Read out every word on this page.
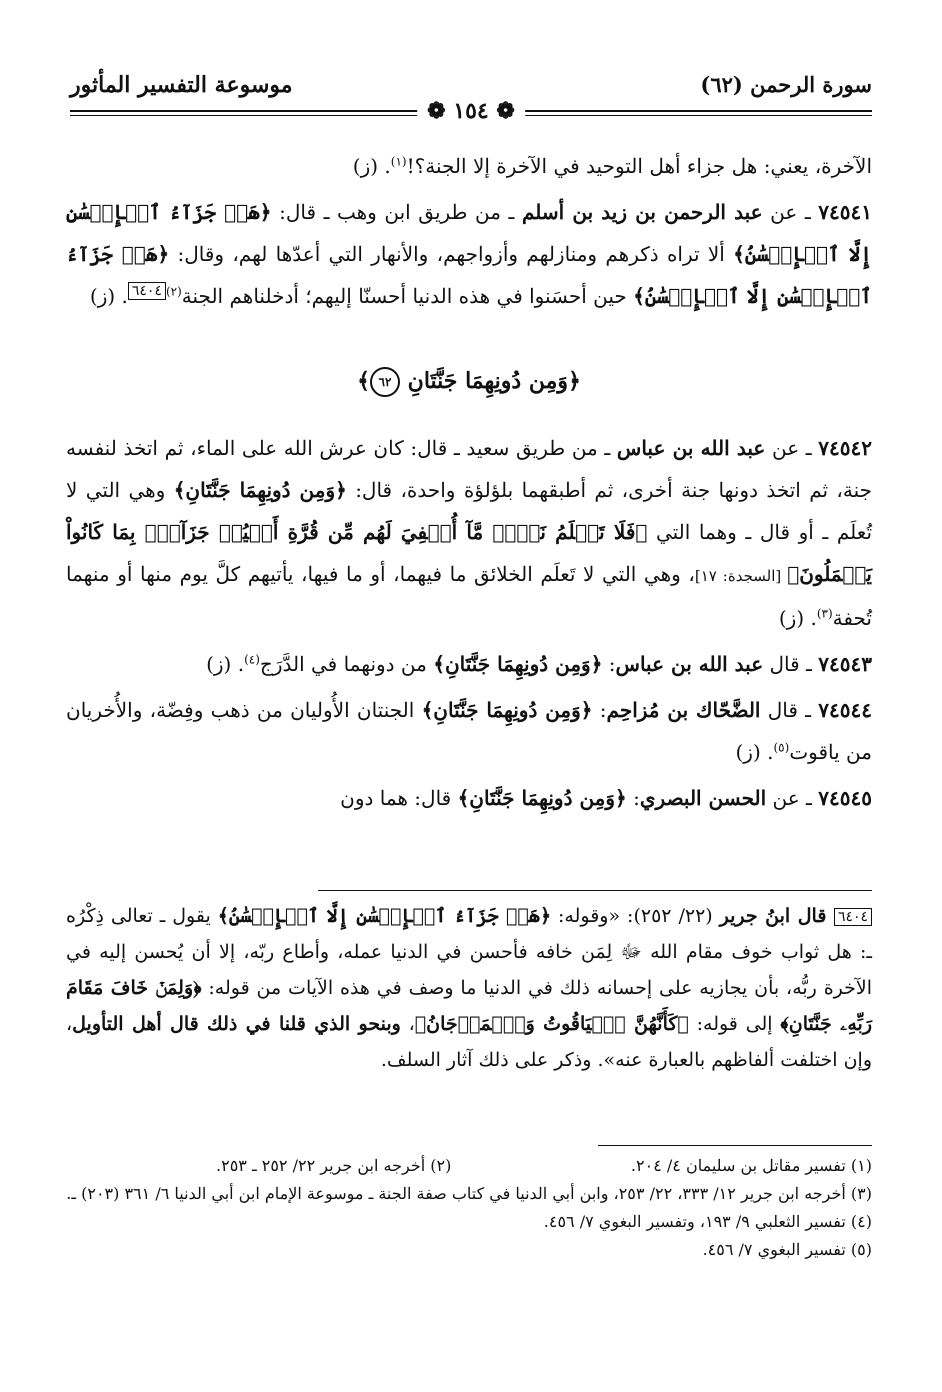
سورة الرحمن (٦٢)
موسوعة التفسير المأثور
❁ ١٥٤ ❁

الآخرة، يعني: هل جزاء أهل التوحيد في الآخرة إلا الجنة؟!$^{(١)}$. (ز)

٧٤٥٤١ ـ عن عبد الرحمن بن زيد بن أسلم ـ من طريق ابن وهب ـ قال: ﴿هَلۡ جَزَآءُ ٱلۡإِحۡسَٰنِ إِلَّا ٱلۡإِحۡسَٰنُ﴾ ألا تراه ذكرهم ومنازلهم وأزواجهم، والأنهار التي أعدّها لهم، وقال: ﴿هَلۡ جَزَآءُ ٱلۡإِحۡسَٰنِ إِلَّا ٱلۡإِحۡسَٰنُ﴾ حين أحسَنوا في هذه الدنيا أحسنّا إليهم؛ أدخلناهم الجنة$^{(٢)}$٦٤٠٤. (ز)

﴿وَمِن دُونِهِمَا جَنَّتَانِ ٦٢﴾

٧٤٥٤٢ ـ عن عبد الله بن عباس ـ من طريق سعيد ـ قال: كان عرش الله على الماء، ثم اتخذ لنفسه جنة، ثم اتخذ دونها جنة أخرى، ثم أطبقهما بلؤلؤة واحدة، قال: ﴿وَمِن دُونِهِمَا جَنَّتَانِ﴾ وهي التي لا تُعلَم ـ أو قال ـ وهما التي ﴿فَلَا تَعۡلَمُ نَفۡسٞ مَّآ أُخۡفِيَ لَهُم مِّن قُرَّةِ أَعۡيُنٖ جَزَآءَۢ بِمَا كَانُواْ يَعۡمَلُونَ﴾ [السجدة: ١٧]، وهي التي لا تَعلَم الخلائق ما فيهما، أو ما فيها، يأتيهم كلَّ يوم منها أو منهما تُحفة$^{(٣)}$. (ز)

٧٤٥٤٣ ـ قال عبد الله بن عباس: ﴿وَمِن دُونِهِمَا جَنَّتَانِ﴾ من دونهما في الدَّرَج$^{(٤)}$. (ز)

٧٤٥٤٤ ـ قال الضَّحّاك بن مُزاحِم: ﴿وَمِن دُونِهِمَا جَنَّتَانِ﴾ الجنتان الأُوليان من ذهب وفِضّة، والأُخريان من ياقوت$^{(٥)}$. (ز)

٧٤٥٤٥ ـ عن الحسن البصري: ﴿وَمِن دُونِهِمَا جَنَّتَانِ﴾ قال: هما دون

٦٤٠٤ قال ابنُ جرير (٢٢/ ٢٥٢): «وقوله: ﴿هَلۡ جَزَآءُ ٱلۡإِحۡسَٰنِ إِلَّا ٱلۡإِحۡسَٰنُ﴾ يقول ـ تعالى ذِكْرُه ـ: هل ثواب خوف مقام الله ﷻ لِمَن خافه فأحسن في الدنيا عمله، وأطاع ربّه، إلا أن يُحسن إليه في الآخرة ربُّه، بأن يجازيه على إحسانه ذلك في الدنيا ما وصف في هذه الآيات من قوله: ﴿وَلِمَنۡ خَافَ مَقَامَ رَبِّهِۦ جَنَّتَانِ﴾ إلى قوله: ﴿كَأَنَّهُنَّ ٱلۡيَاقُوتُ وَٱلۡمَرۡجَانُ﴾، وبنحو الذي قلنا في ذلك قال أهل التأويل، وإن اختلفت ألفاظهم بالعبارة عنه». وذكر على ذلك آثار السلف.
(١) تفسير مقاتل بن سليمان ٤/ ٢٠٤.
(٢) أخرجه ابن جرير ٢٢/ ٢٥٢ ـ ٢٥٣.
(٣) أخرجه ابن جرير ١٢/ ٣٣٣، ٢٢/ ٢٥٣، وابن أبي الدنيا في كتاب صفة الجنة ـ موسوعة الإمام ابن أبي الدنيا ٦/ ٣٦١ (٢٠٣) ـ.
(٤) تفسير الثعلبي ٩/ ١٩٣، وتفسير البغوي ٧/ ٤٥٦.
(٥) تفسير البغوي ٧/ ٤٥٦.
